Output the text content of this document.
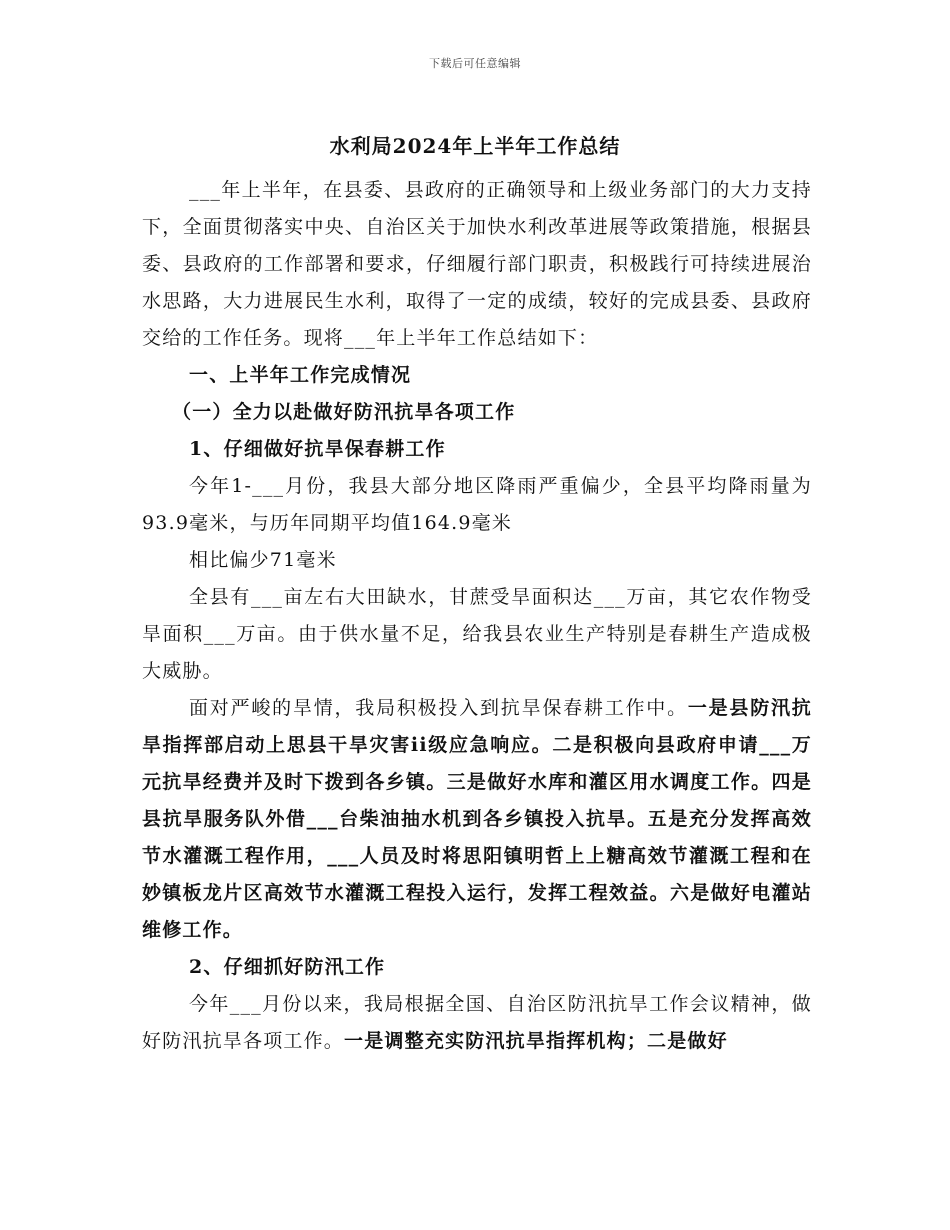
下载后可任意编辑
水利局2024年上半年工作总结

___年上半年，在县委、县政府的正确领导和上级业务部门的大力支持下，全面贯彻落实中央、自治区关于加快水利改革进展等政策措施，根据县委、县政府的工作部署和要求，仔细履行部门职责，积极践行可持续进展治水思路，大力进展民生水利，取得了一定的成绩，较好的完成县委、县政府交给的工作任务。现将___年上半年工作总结如下：

一、上半年工作完成情况

（一）全力以赴做好防汛抗旱各项工作

1、仔细做好抗旱保春耕工作

今年1-___月份，我县大部分地区降雨严重偏少，全县平均降雨量为93.9毫米，与历年同期平均值164.9毫米

相比偏少71毫米

全县有___亩左右大田缺水，甘蔗受旱面积达___万亩，其它农作物受旱面积___万亩。由于供水量不足，给我县农业生产特别是春耕生产造成极大威胁。

面对严峻的旱情，我局积极投入到抗旱保春耕工作中。一是县防汛抗旱指挥部启动上思县干旱灾害ii级应急响应。二是积极向县政府申请___万元抗旱经费并及时下拨到各乡镇。三是做好水库和灌区用水调度工作。四是县抗旱服务队外借___台柴油抽水机到各乡镇投入抗旱。五是充分发挥高效节水灌溉工程作用，___人员及时将思阳镇明哲上上糖高效节灌溉工程和在妙镇板龙片区高效节水灌溉工程投入运行，发挥工程效益。六是做好电灌站维修工作。

2、仔细抓好防汛工作

今年___月份以来，我局根据全国、自治区防汛抗旱工作会议精神，做好防汛抗旱各项工作。一是调整充实防汛抗旱指挥机构；二是做好
